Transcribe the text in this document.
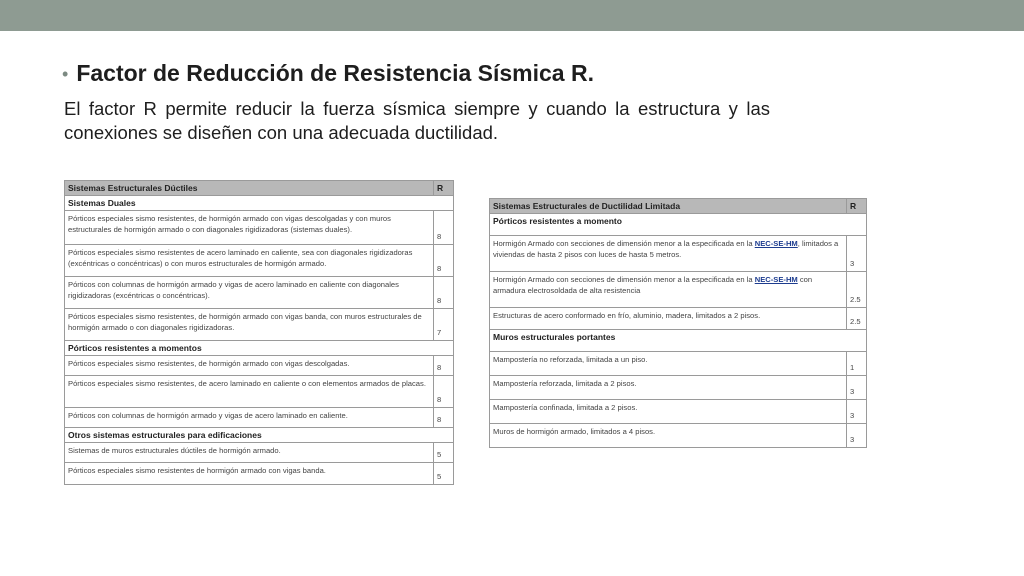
• Factor de Reducción de Resistencia Sísmica R.
El factor R permite reducir la fuerza sísmica siempre y cuando la estructura y las conexiones se diseñen con una adecuada ductilidad.
Sistemas Estructurales Dúctiles	R
Sistemas Duales	
Pórticos especiales sismo resistentes, de hormigón armado con vigas descolgadas y con muros estructurales de hormigón armado o con diagonales rigidizadoras (sistemas duales).	8
Pórticos especiales sismo resistentes de acero laminado en caliente, sea con diagonales rigidizadoras (excéntricas o concéntricas) o con muros estructurales de hormigón armado.	8
Pórticos con columnas de hormigón armado y vigas de acero laminado en caliente con diagonales rigidizadoras (excéntricas o concéntricas).	8
Pórticos especiales sismo resistentes, de hormigón armado con vigas banda, con muros estructurales de hormigón armado o con diagonales rigidizadoras.	7
Pórticos resistentes a momentos	
Pórticos especiales sismo resistentes, de hormigón armado con vigas descolgadas.	8
Pórticos especiales sismo resistentes, de acero laminado en caliente o con elementos armados de placas.	8
Pórticos con columnas de hormigón armado y vigas de acero laminado en caliente.	8
Otros sistemas estructurales para edificaciones	
Sistemas de muros estructurales dúctiles de hormigón armado.	5
Pórticos especiales sismo resistentes de hormigón armado con vigas banda.	5
Sistemas Estructurales de Ductilidad Limitada	R
Pórticos resistentes a momento	
Hormigón Armado con secciones de dimensión menor a la especificada en la NEC-SE-HM, limitados a viviendas de hasta 2 pisos con luces de hasta 5 metros.	3
Hormigón Armado con secciones de dimensión menor a la especificada en la NEC-SE-HM con armadura electrosoldada de alta resistencia	2.5
Estructuras de acero conformado en frío, aluminio, madera, limitados a 2 pisos.	2.5
Muros estructurales portantes	
Mampostería no reforzada, limitada a un piso.	1
Mampostería reforzada, limitada a 2 pisos.	3
Mampostería confinada, limitada a 2 pisos.	3
Muros de hormigón armado, limitados a 4 pisos.	3
